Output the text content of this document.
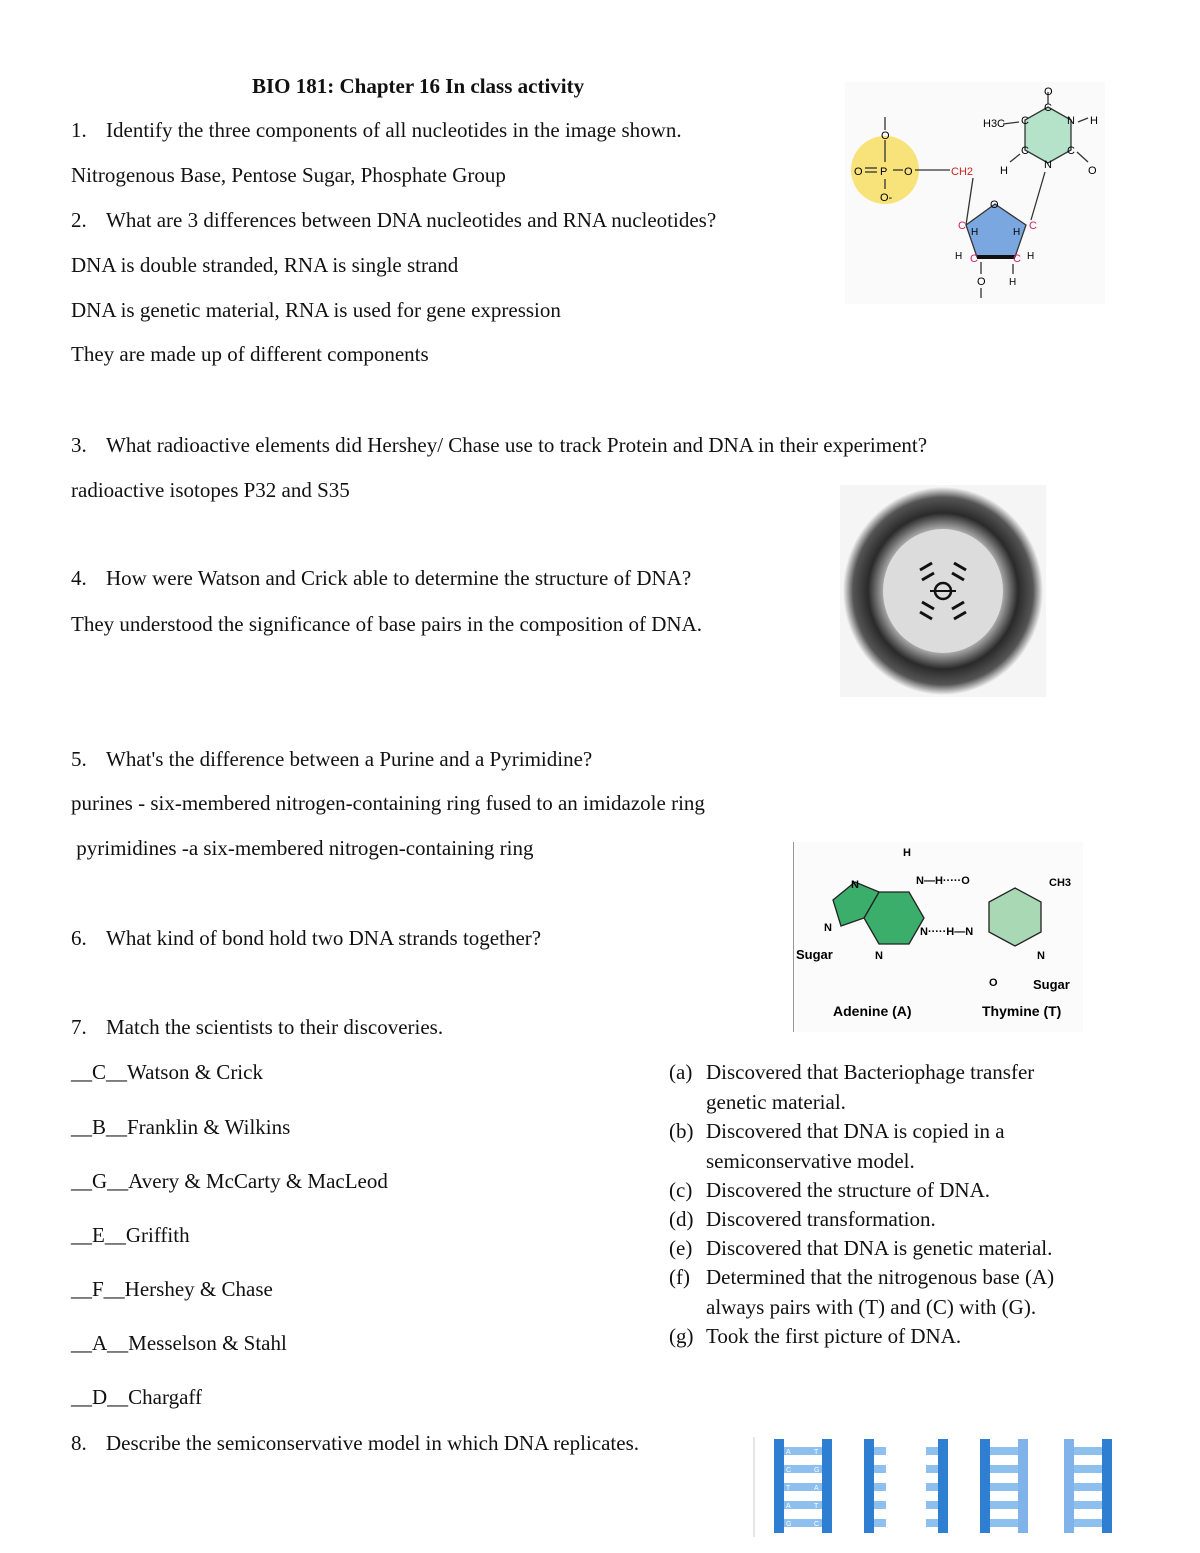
BIO 181: Chapter 16 In class activity
1. Identify the three components of all nucleotides in the image shown.
Nitrogenous Base, Pentose Sugar, Phosphate Group
2. What are 3 differences between DNA nucleotides and RNA nucleotides?
DNA is double stranded, RNA is single strand
DNA is genetic material, RNA is used for gene expression
They are made up of different components
3. What radioactive elements did Hershey/ Chase use to track Protein and DNA in their experiment?
radioactive isotopes P32 and S35
4. How were Watson and Crick able to determine the structure of DNA?
They understood the significance of base pairs in the composition of DNA.
5. What's the difference between a Purine and a Pyrimidine?
purines - six-membered nitrogen-containing ring fused to an imidazole ring
pyrimidines -a six-membered nitrogen-containing ring
6. What kind of bond hold two DNA strands together?
7. Match the scientists to their discoveries.
__C__Watson & Crick
__B__Franklin & Wilkins
__G__Avery & McCarty & MacLeod
__E__Griffith
__F__Hershey & Chase
__A__Messelson & Stahl
__D__Chargaff
(a) Discovered that Bacteriophage transfer
genetic material.
(b) Discovered that DNA is copied in a
semiconservative model.
(c) Discovered the structure of DNA.
(d) Discovered transformation.
(e) Discovered that DNA is genetic material.
(f) Determined that the nitrogenous base (A)
always pairs with (T) and (C) with (G).
(g) Took the first picture of DNA.
8. Describe the semiconservative model in which DNA replicates.
O
O P O
O-
CH2
O
C	C
C	C
H	H
H	H
O H
C
C
C	C
N
N
O
H
O
H3C
H
H
N—H·····O	CH3
N·····H—N
N
N
N	N
O
Sugar
Sugar
Adenine (A)	Thymine (T)
A
C
T
A
G
T
G
A
T
C
